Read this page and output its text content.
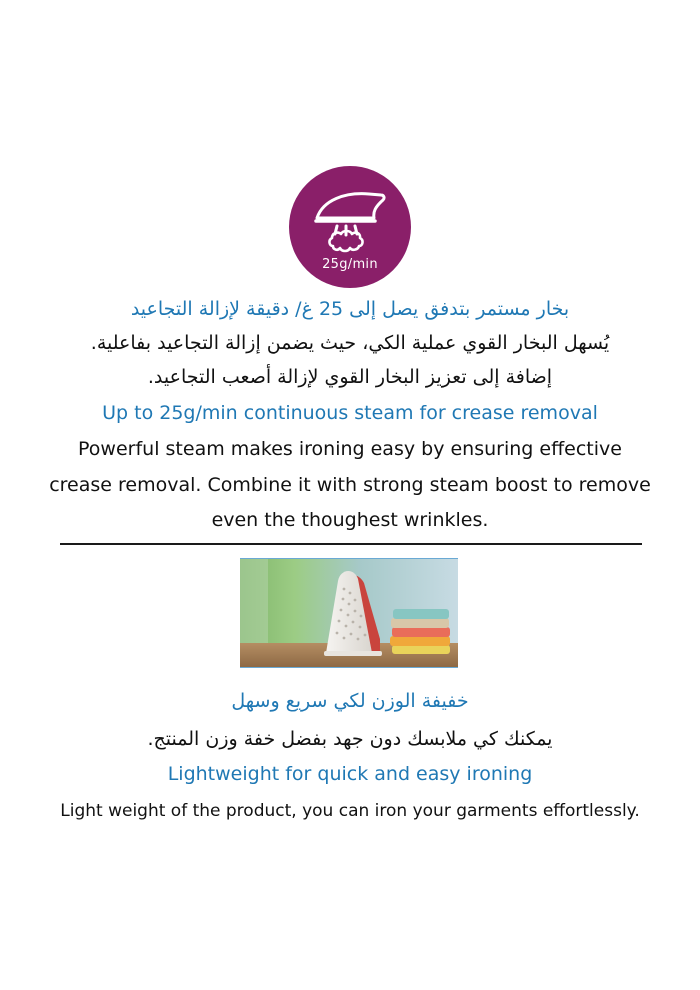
25g/min
بخار مستمر بتدفق يصل إلى 25 غ/ دقيقة لإزالة التجاعيد
يُسهل البخار القوي عملية الكي، حيث يضمن إزالة التجاعيد بفاعلية.
إضافة إلى تعزيز البخار القوي لإزالة أصعب التجاعيد.
Up to 25g/min continuous steam for crease removal
Powerful steam makes ironing easy by ensuring effective
crease removal. Combine it with strong steam boost to remove
even the thoughest wrinkles.
خفيفة الوزن لكي سريع وسهل
يمكنك كي ملابسك دون جهد بفضل خفة وزن المنتج.
Lightweight for quick and easy ironing
Light weight of the product, you can iron your garments effortlessly.
